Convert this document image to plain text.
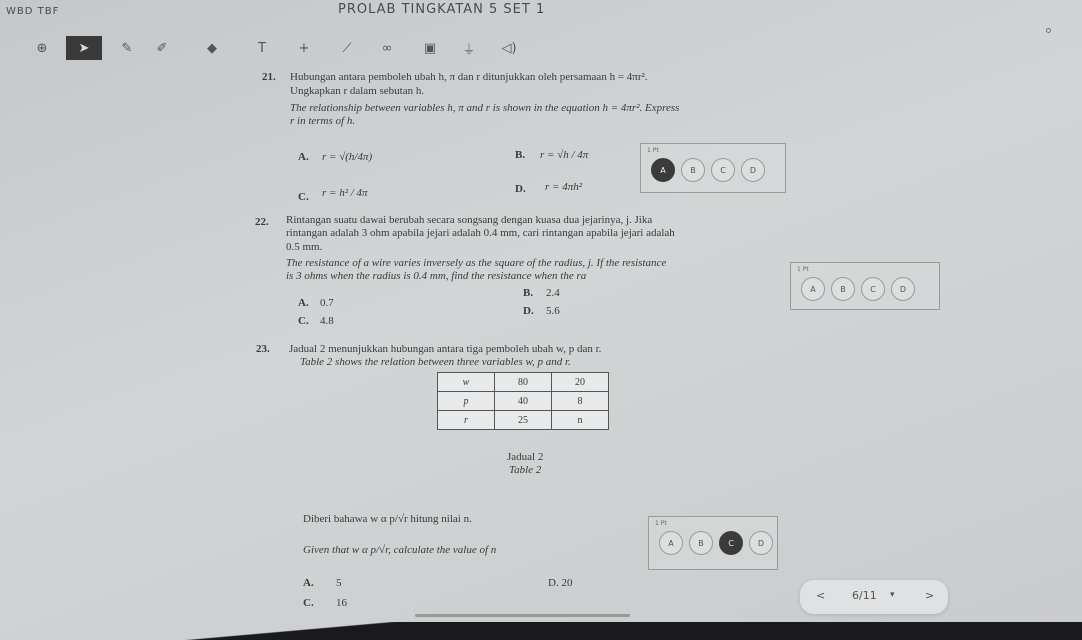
WBD TBF	PROLAB TINGKATAN 5 SET 1
⊕	➤	✎	✐	◆	T	+	⟋	∞	▣	⏚	◁)
21. Hubungan antara pemboleh ubah h, π dan r ditunjukkan oleh persamaan h = 4πr².
Ungkapkan r dalam sebutan h.
The relationship between variables h, π and r is shown in the equation h = 4πr². Express
r in terms of h.
A. r = √(h/4π)	B. r = √h / 4π
C. r = h² / 4π	D. r = 4πh²
1 Pt
A	B	C	D
22. Rintangan suatu dawai berubah secara songsang dengan kuasa dua jejarinya, j. Jika
rintangan adalah 3 ohm apabila jejari adalah 0.4 mm, cari rintangan apabila jejari adalah
0.5 mm.
The resistance of a wire varies inversely as the square of the radius, j. If the resistance
is 3 ohms when the radius is 0.4 mm, find the resistance when the ra
A. 0.7
B. 2.4
C. 4.8
D. 5.6
1 Pt
A	B	C	D
23. Jadual 2 menunjukkan hubungan antara tiga pemboleh ubah w, p dan r.
Table 2 shows the relation between three variables w, p and r.
w	80	20
p	40	8
r	25	n
Jadual 2
Table 2
Diberi bahawa w α p/√r hitung nilai n.
Given that w α p/√r, calculate the value of n
A. 5
C. 16
D. 20
1 Pt
A	B	C	D
< 6/11 ▾	>
